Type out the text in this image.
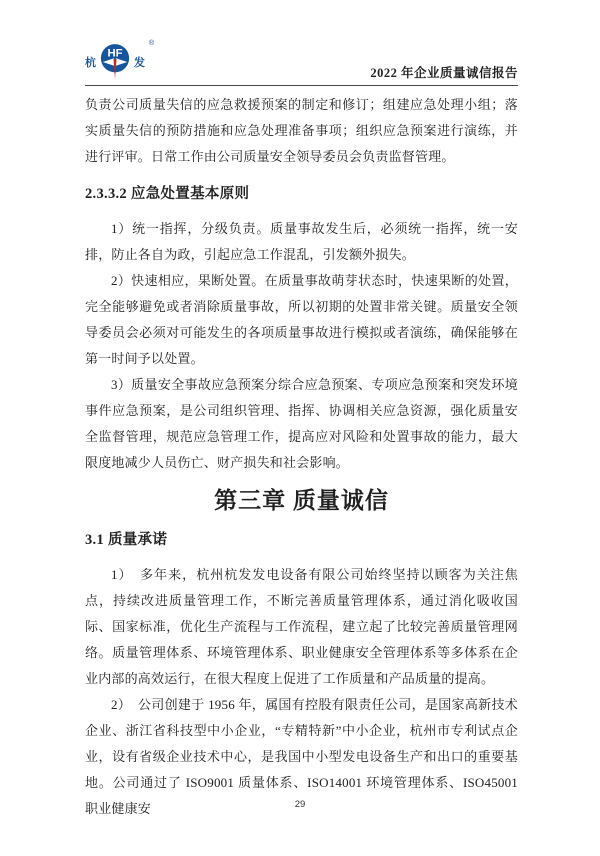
杭
HF
发
®
2022 年企业质量诚信报告

负责公司质量失信的应急救援预案的制定和修订；组建应急处理小组；落实质量失信的预防措施和应急处理准备事项；组织应急预案进行演练，并进行评审。日常工作由公司质量安全领导委员会负责监督管理。

2.3.3.2 应急处置基本原则

1）统一指挥，分级负责。质量事故发生后，必须统一指挥，统一安排，防止各自为政，引起应急工作混乱，引发额外损失。

2）快速相应，果断处置。在质量事故萌芽状态时，快速果断的处置，完全能够避免或者消除质量事故，所以初期的处置非常关键。质量安全领导委员会必须对可能发生的各项质量事故进行模拟或者演练，确保能够在第一时间予以处置。

3）质量安全事故应急预案分综合应急预案、专项应急预案和突发环境事件应急预案，是公司组织管理、指挥、协调相关应急资源，强化质量安全监督管理，规范应急管理工作，提高应对风险和处置事故的能力，最大限度地减少人员伤亡、财产损失和社会影响。

第三章 质量诚信
3.1 质量承诺

1）　多年来，杭州杭发发电设备有限公司始终坚持以顾客为关注焦点，持续改进质量管理工作，不断完善质量管理体系，通过消化吸收国际、国家标准，优化生产流程与工作流程，建立起了比较完善质量管理网络。质量管理体系、环境管理体系、职业健康安全管理体系等多体系在企业内部的高效运行，在很大程度上促进了工作质量和产品质量的提高。

2）　公司创建于 1956 年，属国有控股有限责任公司，是国家高新技术企业、浙江省科技型中小企业，“专精特新”中小企业，杭州市专利试点企业，设有省级企业技术中心，是我国中小型发电设备生产和出口的重要基地。公司通过了 ISO9001 质量体系、ISO14001 环境管理体系、ISO45001 职业健康安	29
